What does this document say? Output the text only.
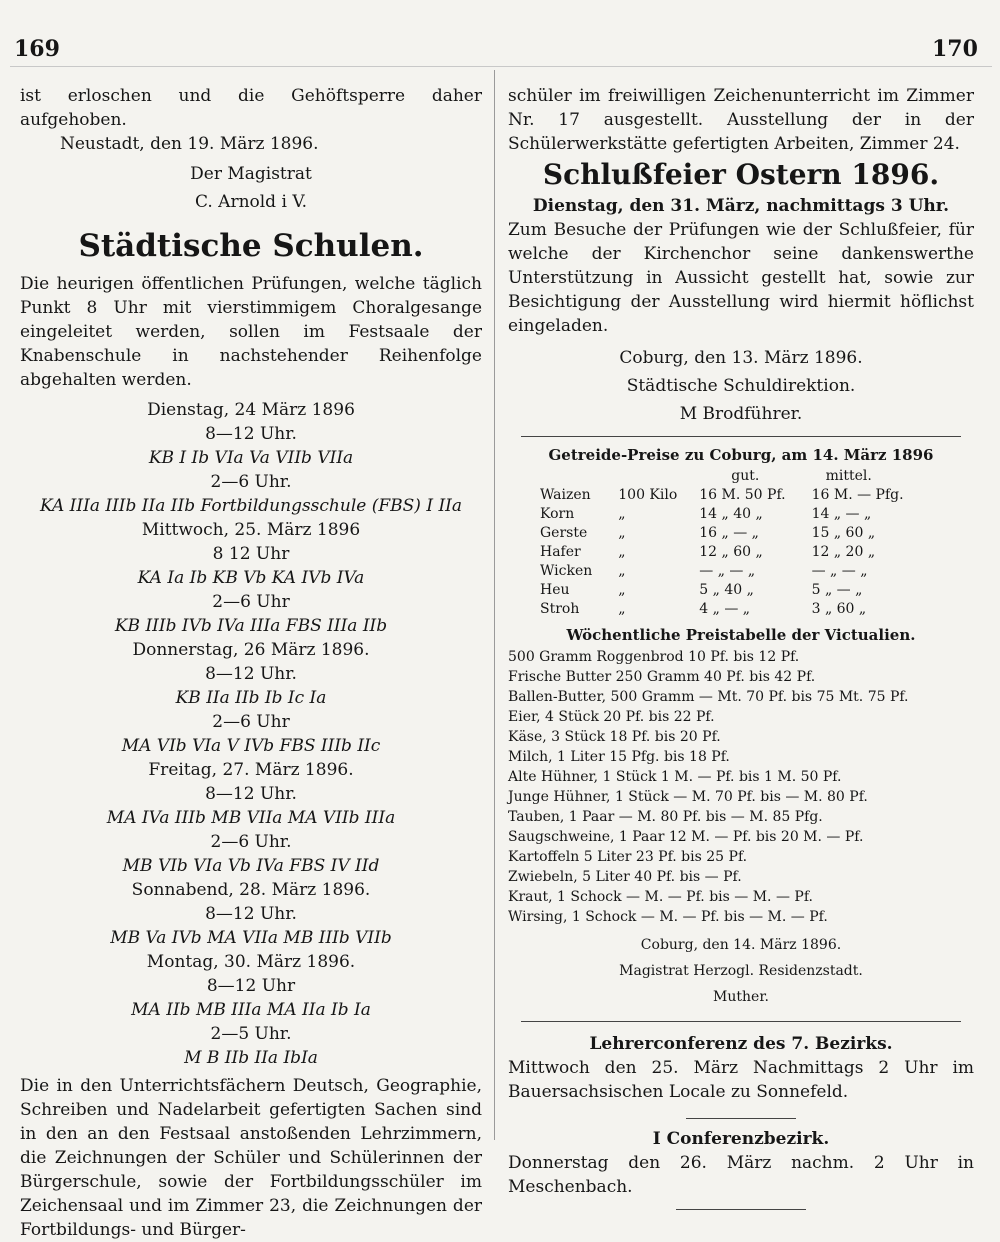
169	170

ist erloschen und die Gehöftsperre daher aufgehoben.

Neustadt, den 19. März 1896.

Der Magistrat

C. Arnold i V.

Städtische Schulen.

Die heurigen öffentlichen Prüfungen, welche täglich Punkt 8 Uhr mit vierstimmigem Choralgesange eingeleitet werden, sollen im Festsaale der Knabenschule in nachstehender Reihenfolge abgehalten werden.

Dienstag, 24 März 1896

8—12 Uhr.

KB I Ib VIa Va VIIb VIIa

2—6 Uhr.

KA IIIa IIIb IIa IIb Fortbildungsschule (FBS) I IIa

Mittwoch, 25. März 1896

8 12 Uhr

KA Ia Ib KB Vb KA IVb IVa

2—6 Uhr

KB IIIb IVb IVa IIIa FBS IIIa IIb

Donnerstag, 26 März 1896.

8—12 Uhr.

KB IIa IIb Ib Ic Ia

2—6 Uhr

MA VIb VIa V IVb FBS IIIb IIc

Freitag, 27. März 1896.

8—12 Uhr.

MA IVa IIIb MB VIIa MA VIIb IIIa

2—6 Uhr.

MB VIb VIa Vb IVa FBS IV IId

Sonnabend, 28. März 1896.

8—12 Uhr.

MB Va IVb MA VIIa MB IIIb VIIb

Montag, 30. März 1896.

8—12 Uhr

MA IIb MB IIIa MA IIa Ib Ia

2—5 Uhr.

M B IIb IIa IbIa

Die in den Unterrichtsfächern Deutsch, Geographie, Schreiben und Nadelarbeit gefertigten Sachen sind in den an den Festsaal anstoßenden Lehrzimmern, die Zeichnungen der Schüler und Schülerinnen der Bürgerschule, sowie der Fortbildungsschüler im Zeichensaal und im Zimmer 23, die Zeichnungen der Fortbildungs- und Bürger-

schüler im freiwilligen Zeichenunterricht im Zimmer Nr. 17 ausgestellt. Ausstellung der in der Schülerwerkstätte gefertigten Arbeiten, Zimmer 24.

Schlußfeier Ostern 1896.

Dienstag, den 31. März, nachmittags 3 Uhr.

Zum Besuche der Prüfungen wie der Schlußfeier, für welche der Kirchenchor seine dankenswerthe Unterstützung in Aussicht gestellt hat, sowie zur Besichtigung der Ausstellung wird hiermit höflichst eingeladen.

Coburg, den 13. März 1896.

Städtische Schuldirektion.

M Brodführer.

Getreide-Preise zu Coburg, am 14. März 1896

		gut.	mittel.
Waizen	100 Kilo	16 M. 50 Pf.	16 M. — Pfg.
Korn	„	14 „ 40 „	14 „ — „
Gerste	„	16 „ — „	15 „ 60 „
Hafer	„	12 „ 60 „	12 „ 20 „
Wicken	„	— „ — „	— „ — „
Heu	„	5 „ 40 „	5 „ — „
Stroh	„	4 „ — „	3 „ 60 „

Wöchentliche Preistabelle der Victualien.

500 Gramm Roggenbrod 10 Pf. bis 12 Pf.
Frische Butter 250 Gramm 40 Pf. bis 42 Pf.
Ballen-Butter, 500 Gramm — Mt. 70 Pf. bis 75 Mt. 75 Pf.
Eier, 4 Stück 20 Pf. bis 22 Pf.
Käse, 3 Stück 18 Pf. bis 20 Pf.
Milch, 1 Liter 15 Pfg. bis 18 Pf.
Alte Hühner, 1 Stück 1 M. — Pf. bis 1 M. 50 Pf.
Junge Hühner, 1 Stück — M. 70 Pf. bis — M. 80 Pf.
Tauben, 1 Paar — M. 80 Pf. bis — M. 85 Pfg.
Saugschweine, 1 Paar 12 M. — Pf. bis 20 M. — Pf.
Kartoffeln 5 Liter 23 Pf. bis 25 Pf.
Zwiebeln, 5 Liter 40 Pf. bis — Pf.
Kraut, 1 Schock — M. — Pf. bis — M. — Pf.
Wirsing, 1 Schock — M. — Pf. bis — M. — Pf.

Coburg, den 14. März 1896.

Magistrat Herzogl. Residenzstadt.

Muther.

Lehrerconferenz des 7. Bezirks.

Mittwoch den 25. März Nachmittags 2 Uhr im Bauersachsischen Locale zu Sonnefeld.

I Conferenzbezirk.

Donnerstag den 26. März nachm. 2 Uhr in Meschenbach.
